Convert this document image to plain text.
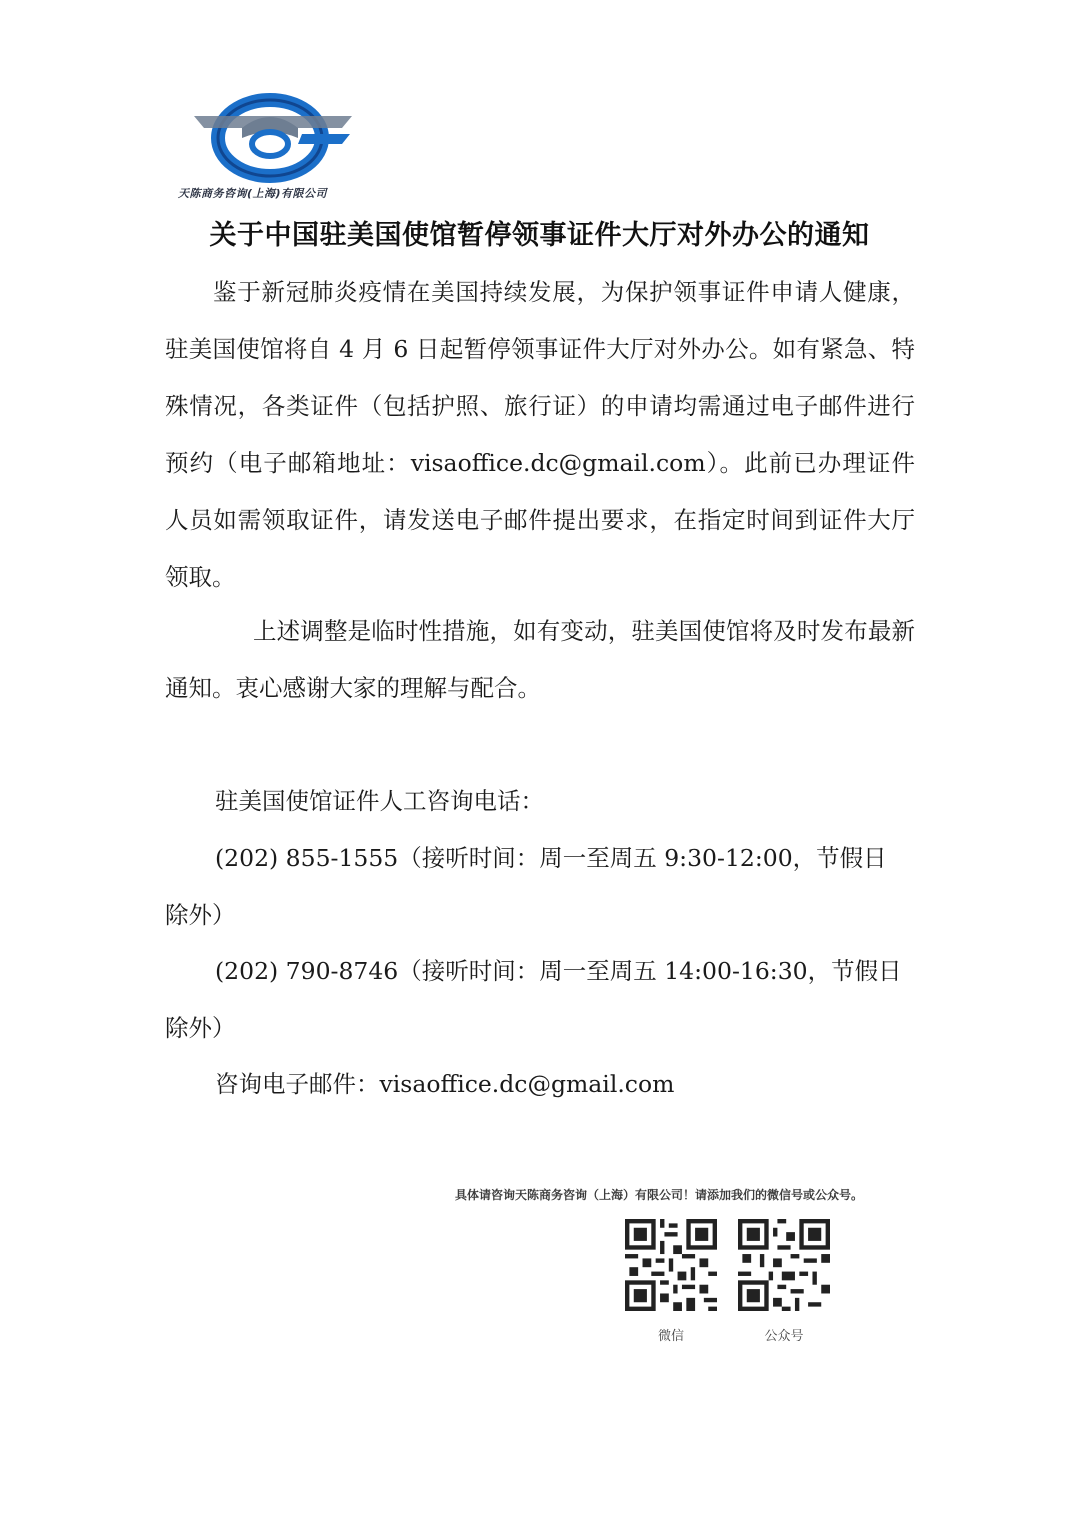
天陈商务咨询(上海)有限公司
关于中国驻美国使馆暂停领事证件大厅对外办公的通知
鉴于新冠肺炎疫情在美国持续发展，为保护领事证件申请人健康，驻美国使馆将自 4 月 6 日起暂停领事证件大厅对外办公。如有紧急、特殊情况，各类证件（包括护照、旅行证）的申请均需通过电子邮件进行预约（电子邮箱地址：visaoffice.dc@gmail.com）。此前已办理证件人员如需领取证件，请发送电子邮件提出要求，在指定时间到证件大厅领取。
上述调整是临时性措施，如有变动，驻美国使馆将及时发布最新通知。衷心感谢大家的理解与配合。
驻美国使馆证件人工咨询电话：
(202) 855-1555（接听时间：周一至周五 9:30-12:00，节假日
除外）
(202) 790-8746（接听时间：周一至周五 14:00-16:30，节假日
除外）
咨询电子邮件：visaoffice.dc@gmail.com
具体请咨询天陈商务咨询（上海）有限公司！请添加我们的微信号或公众号。
微信	公众号
